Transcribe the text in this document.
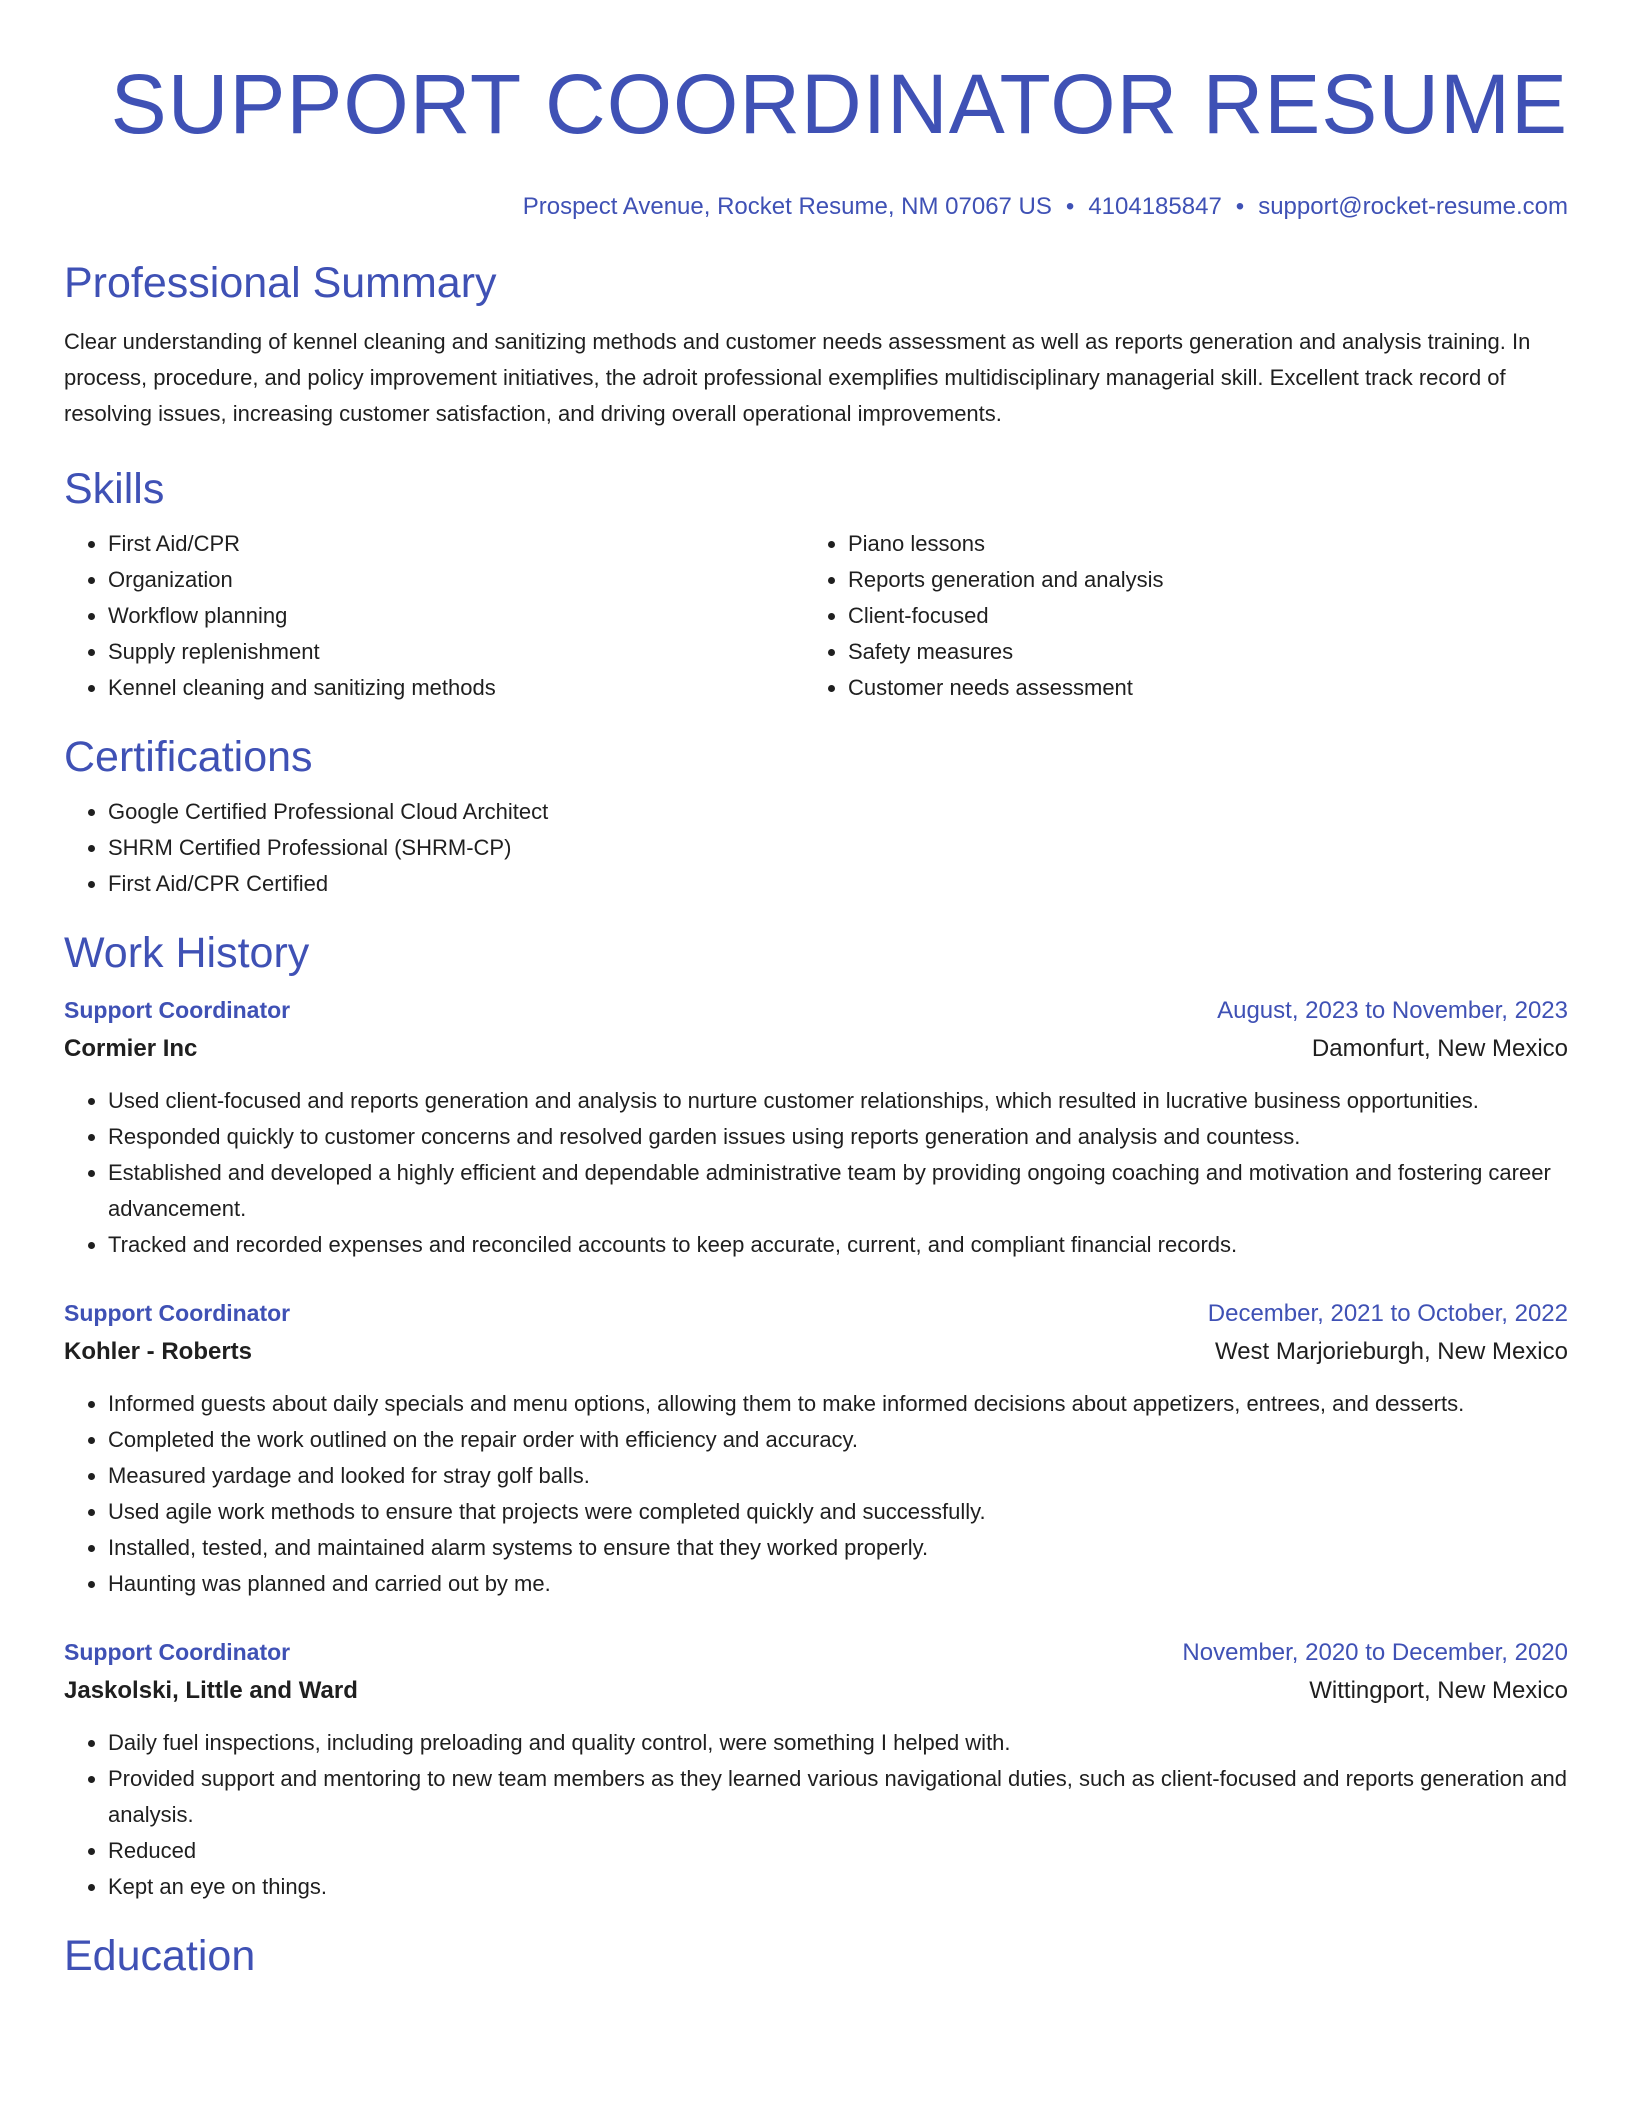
SUPPORT COORDINATOR RESUME
Prospect Avenue, Rocket Resume, NM 07067 US • 4104185847 • support@rocket-resume.com
Professional Summary

Clear understanding of kennel cleaning and sanitizing methods and customer needs assessment as well as reports generation and analysis training. In process, procedure, and policy improvement initiatives, the adroit professional exemplifies multidisciplinary managerial skill. Excellent track record of resolving issues, increasing customer satisfaction, and driving overall operational improvements.

Skills
• First Aid/CPR
• Organization
• Workflow planning
• Supply replenishment
• Kennel cleaning and sanitizing methods
• Piano lessons
• Reports generation and analysis
• Client-focused
• Safety measures
• Customer needs assessment
Certifications
• Google Certified Professional Cloud Architect
• SHRM Certified Professional (SHRM-CP)
• First Aid/CPR Certified
Work History
Support Coordinator	August, 2023 to November, 2023
Cormier Inc	Damonfurt, New Mexico
• Used client-focused and reports generation and analysis to nurture customer relationships, which resulted in lucrative business opportunities.
• Responded quickly to customer concerns and resolved garden issues using reports generation and analysis and countess.
• Established and developed a highly efficient and dependable administrative team by providing ongoing coaching and motivation and fostering career advancement.
• Tracked and recorded expenses and reconciled accounts to keep accurate, current, and compliant financial records.
Support Coordinator	December, 2021 to October, 2022
Kohler - Roberts	West Marjorieburgh, New Mexico
• Informed guests about daily specials and menu options, allowing them to make informed decisions about appetizers, entrees, and desserts.
• Completed the work outlined on the repair order with efficiency and accuracy.
• Measured yardage and looked for stray golf balls.
• Used agile work methods to ensure that projects were completed quickly and successfully.
• Installed, tested, and maintained alarm systems to ensure that they worked properly.
• Haunting was planned and carried out by me.
Support Coordinator	November, 2020 to December, 2020
Jaskolski, Little and Ward	Wittingport, New Mexico
• Daily fuel inspections, including preloading and quality control, were something I helped with.
• Provided support and mentoring to new team members as they learned various navigational duties, such as client-focused and reports generation and analysis.
• Reduced
• Kept an eye on things.
Education
